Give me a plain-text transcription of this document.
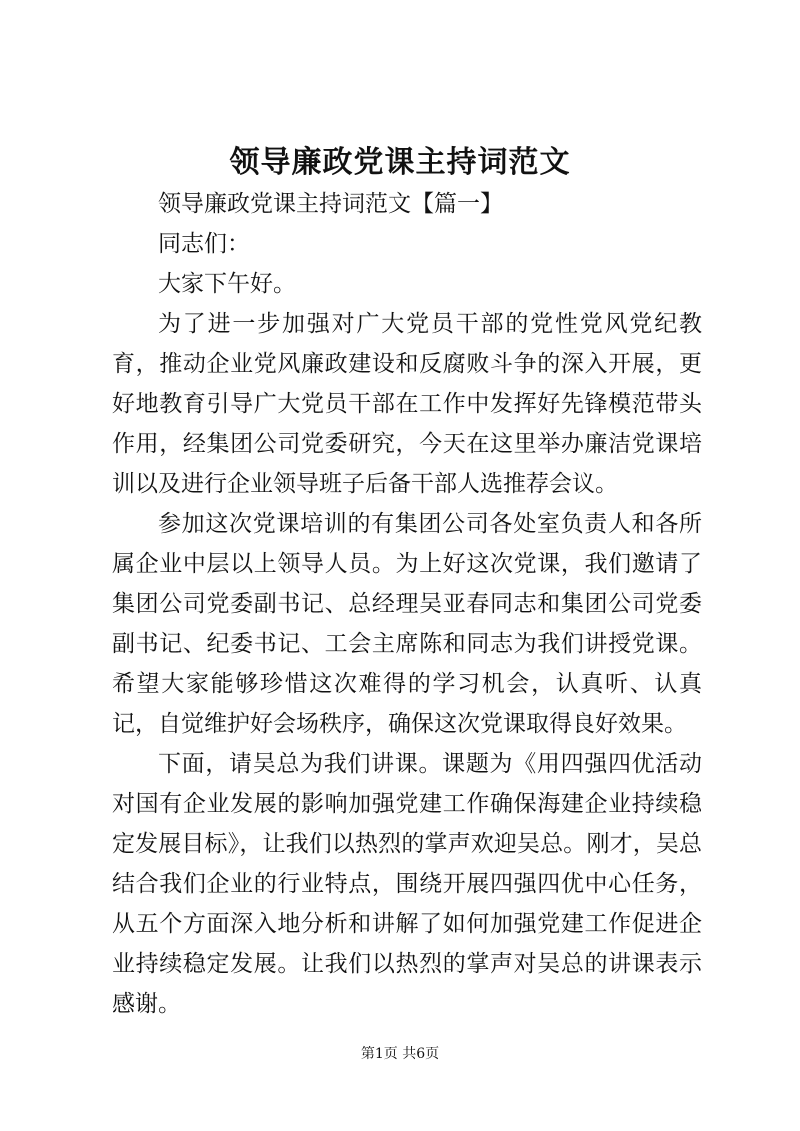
领导廉政党课主持词范文

领导廉政党课主持词范文【篇一】

同志们：

大家下午好。

为了进一步加强对广大党员干部的党性党风党纪教育，推动企业党风廉政建设和反腐败斗争的深入开展，更好地教育引导广大党员干部在工作中发挥好先锋模范带头作用，经集团公司党委研究，今天在这里举办廉洁党课培训以及进行企业领导班子后备干部人选推荐会议。

参加这次党课培训的有集团公司各处室负责人和各所属企业中层以上领导人员。为上好这次党课，我们邀请了集团公司党委副书记、总经理吴亚春同志和集团公司党委副书记、纪委书记、工会主席陈和同志为我们讲授党课。希望大家能够珍惜这次难得的学习机会，认真听、认真记，自觉维护好会场秩序，确保这次党课取得良好效果。

下面，请吴总为我们讲课。课题为《用四强四优活动对国有企业发展的影响加强党建工作确保海建企业持续稳定发展目标》，让我们以热烈的掌声欢迎吴总。刚才，吴总结合我们企业的行业特点，围绕开展四强四优中心任务，从五个方面深入地分析和讲解了如何加强党建工作促进企业持续稳定发展。让我们以热烈的掌声对吴总的讲课表示感谢。

第1页 共6页
